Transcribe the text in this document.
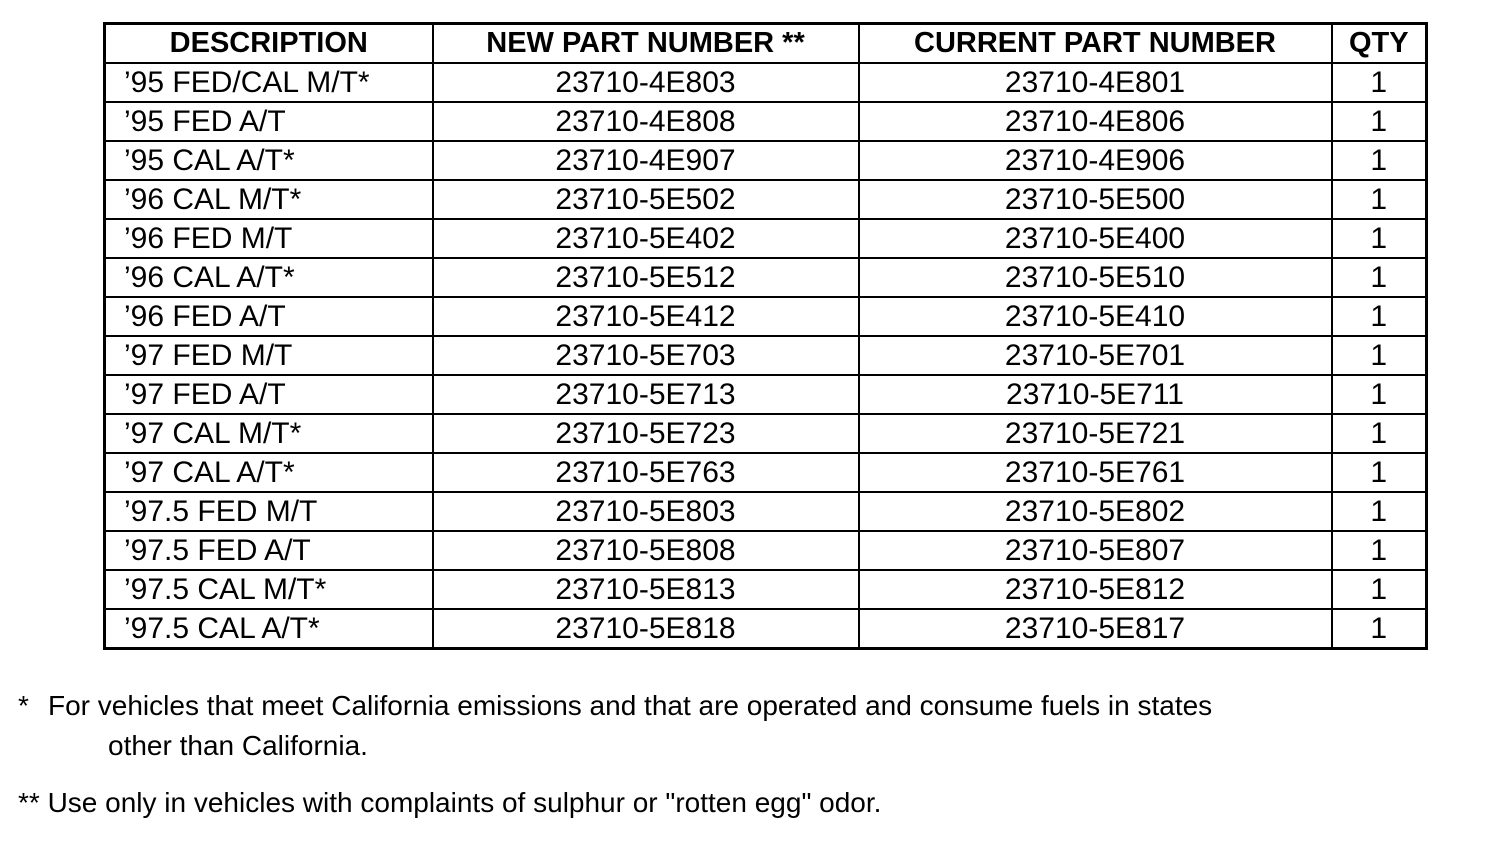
DESCRIPTION	NEW PART NUMBER **	CURRENT PART NUMBER	QTY
’95 FED/CAL M/T*	23710-4E803	23710-4E801	1
’95 FED A/T	23710-4E808	23710-4E806	1
’95 CAL A/T*	23710-4E907	23710-4E906	1
’96 CAL M/T*	23710-5E502	23710-5E500	1
’96 FED M/T	23710-5E402	23710-5E400	1
’96 CAL A/T*	23710-5E512	23710-5E510	1
’96 FED A/T	23710-5E412	23710-5E410	1
’97 FED M/T	23710-5E703	23710-5E701	1
’97 FED A/T	23710-5E713	23710-5E711	1
’97 CAL M/T*	23710-5E723	23710-5E721	1
’97 CAL A/T*	23710-5E763	23710-5E761	1
’97.5 FED M/T	23710-5E803	23710-5E802	1
’97.5 FED A/T	23710-5E808	23710-5E807	1
’97.5 CAL M/T*	23710-5E813	23710-5E812	1
’97.5 CAL A/T*	23710-5E818	23710-5E817	1
* For vehicles that meet California emissions and that are operated and consume fuels in states
other than California.
** Use only in vehicles with complaints of sulphur or "rotten egg" odor.
